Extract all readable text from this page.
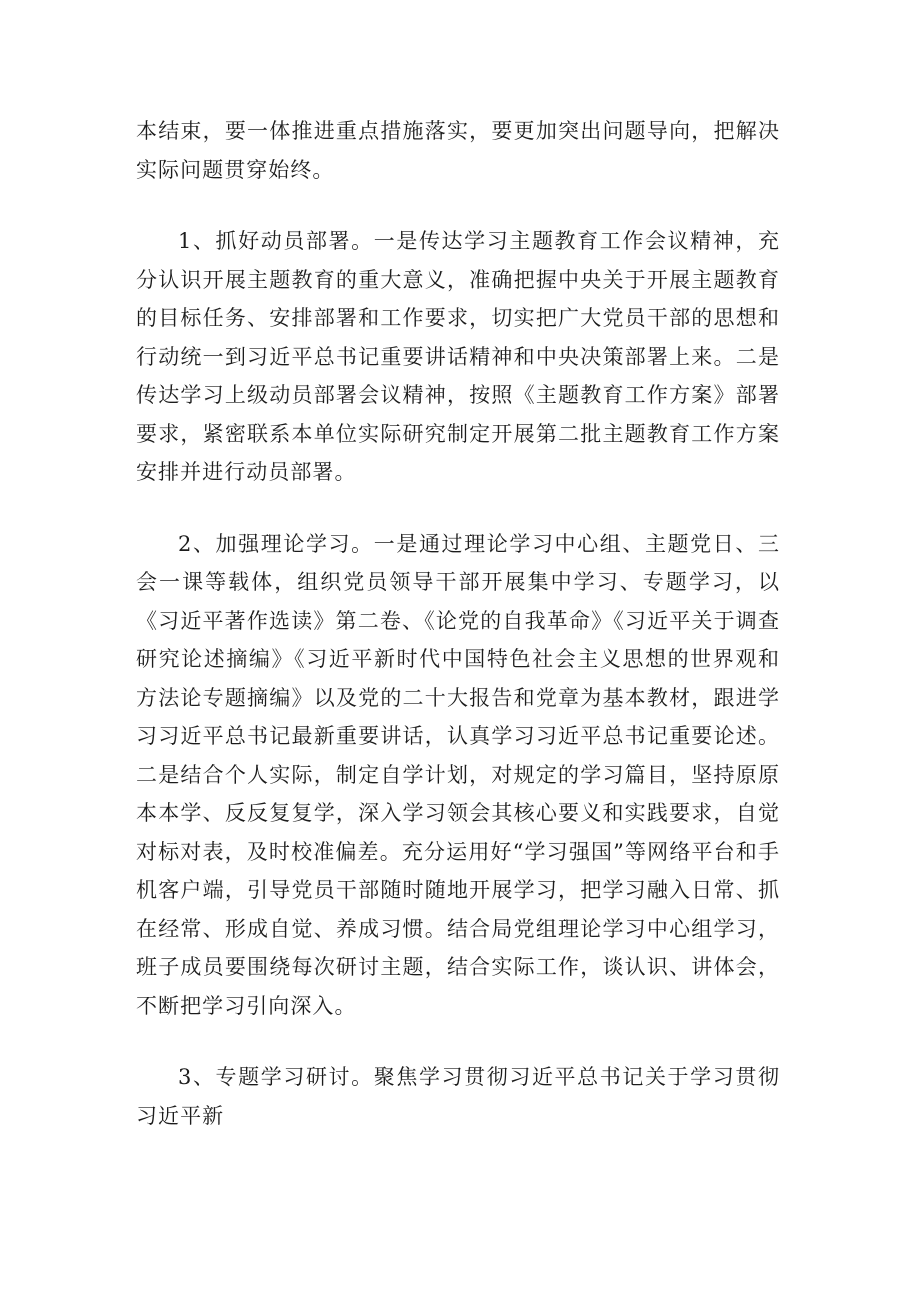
本结束，要一体推进重点措施落实，要更加突出问题导向，把解决实际问题贯穿始终。

1、抓好动员部署。一是传达学习主题教育工作会议精神，充分认识开展主题教育的重大意义，准确把握中央关于开展主题教育的目标任务、安排部署和工作要求，切实把广大党员干部的思想和行动统一到习近平总书记重要讲话精神和中央决策部署上来。二是传达学习上级动员部署会议精神，按照《主题教育工作方案》部署要求，紧密联系本单位实际研究制定开展第二批主题教育工作方案安排并进行动员部署。

2、加强理论学习。一是通过理论学习中心组、主题党日、三会一课等载体，组织党员领导干部开展集中学习、专题学习，以《习近平著作选读》第二卷、《论党的自我革命》《习近平关于调查研究论述摘编》《习近平新时代中国特色社会主义思想的世界观和方法论专题摘编》以及党的二十大报告和党章为基本教材，跟进学习习近平总书记最新重要讲话，认真学习习近平总书记重要论述。二是结合个人实际，制定自学计划，对规定的学习篇目，坚持原原本本学、反反复复学，深入学习领会其核心要义和实践要求，自觉对标对表，及时校准偏差。充分运用好“学习强国”等网络平台和手机客户端，引导党员干部随时随地开展学习，把学习融入日常、抓在经常、形成自觉、养成习惯。结合局党组理论学习中心组学习，班子成员要围绕每次研讨主题，结合实际工作，谈认识、讲体会，不断把学习引向深入。

3、专题学习研讨。聚焦学习贯彻习近平总书记关于学习贯彻习近平新
